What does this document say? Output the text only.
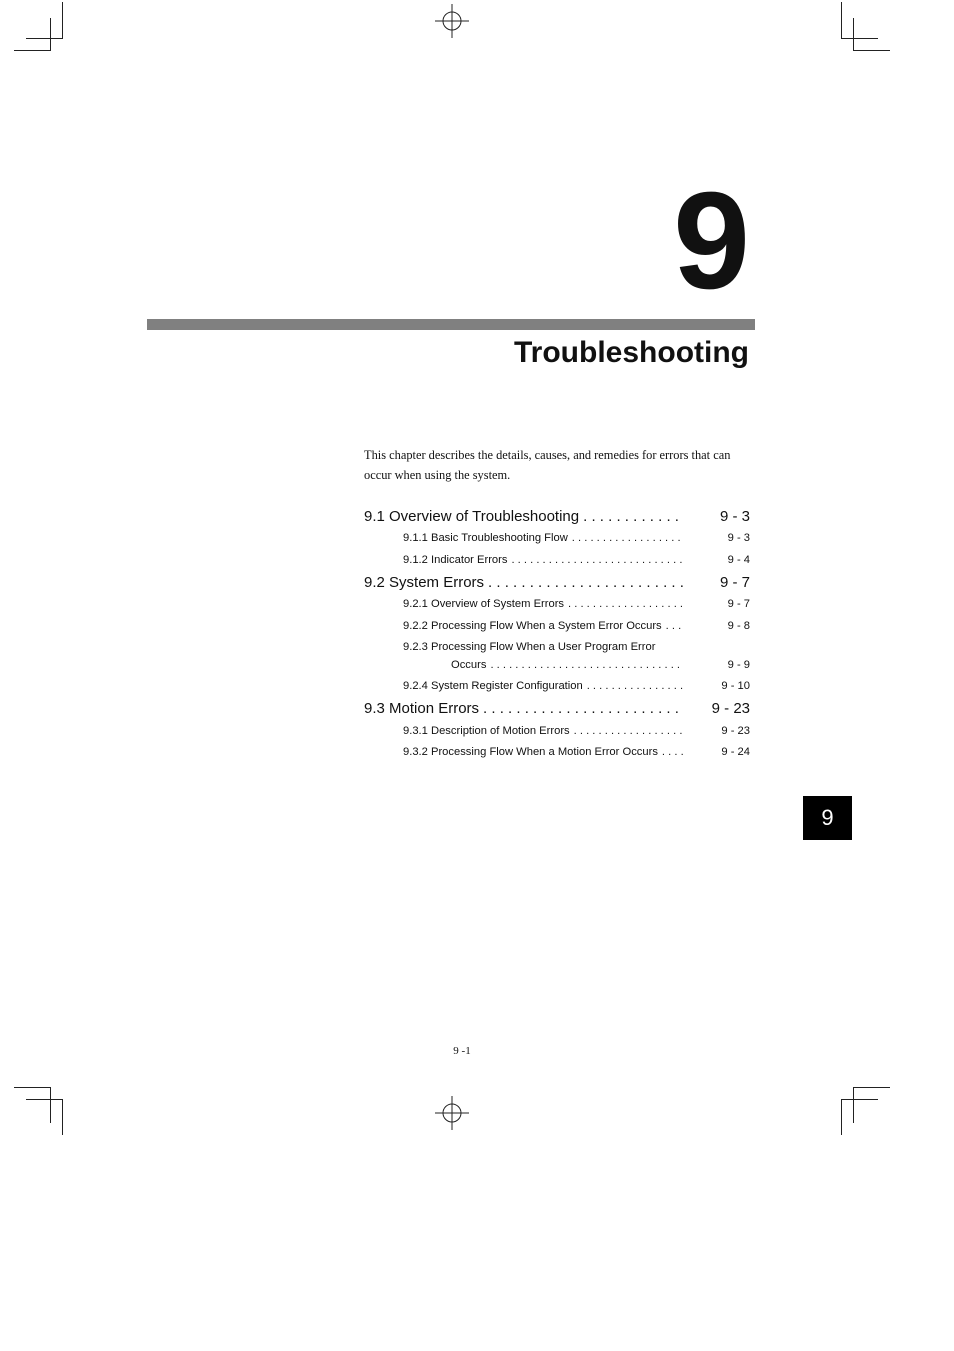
9
Troubleshooting

This chapter describes the details, causes, and remedies for errors that can occur when using the system.

9.1 Overview of Troubleshooting . . .	9 - 3
9.1.1 Basic Troubleshooting Flow . . .	9 - 3
9.1.2 Indicator Errors . . .	9 - 4
9.2 System Errors . . .	9 - 7
9.2.1 Overview of System Errors . . .	9 - 7
9.2.2 Processing Flow When a System Error Occurs . . .	9 - 8
9.2.3 Processing Flow When a User Program Error
Occurs . . .	9 - 9
9.2.4 System Register Configuration . . .	9 - 10
9.3 Motion Errors . . .	9 - 23
9.3.1 Description of Motion Errors . . .	9 - 23
9.3.2 Processing Flow When a Motion Error Occurs . . .	9 - 24
9
9 -1
